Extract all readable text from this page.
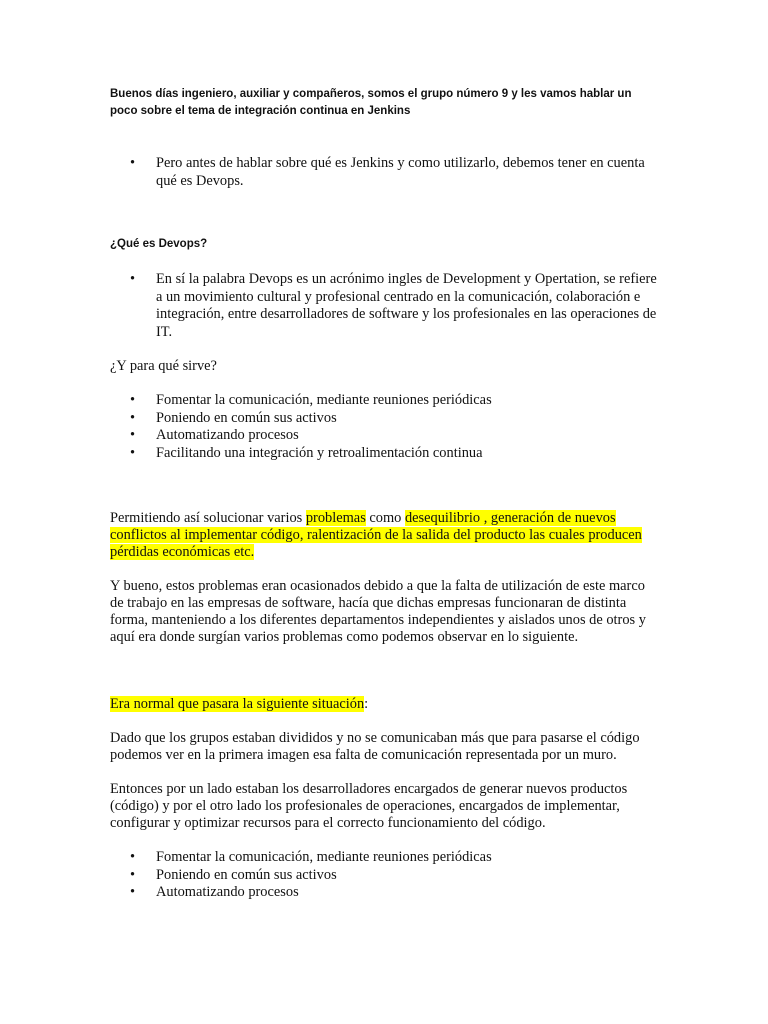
Buenos días ingeniero, auxiliar y compañeros, somos el grupo número 9 y les vamos hablar un poco sobre el tema de integración continua en Jenkins

• Pero antes de hablar sobre qué es Jenkins y como utilizarlo, debemos tener en cuenta qué es Devops.

¿Qué es Devops?

• En sí la palabra Devops es un acrónimo ingles de Development y Opertation, se refiere a un movimiento cultural y profesional centrado en la comunicación, colaboración e integración, entre desarrolladores de software y los profesionales en las operaciones de IT.

¿Y para qué sirve?

• Fomentar la comunicación, mediante reuniones periódicas
• Poniendo en común sus activos
• Automatizando procesos
• Facilitando una integración y retroalimentación continua

Permitiendo así solucionar varios problemas como desequilibrio , generación de nuevos conflictos al implementar código, ralentización de la salida del producto las cuales producen pérdidas económicas etc.

Y bueno, estos problemas eran ocasionados debido a que la falta de utilización de este marco de trabajo en las empresas de software, hacía que dichas empresas funcionaran de distinta forma, manteniendo a los diferentes departamentos independientes y aislados unos de otros y aquí era donde surgían varios problemas como podemos observar en lo siguiente.

Era normal que pasara la siguiente situación:

Dado que los grupos estaban divididos y no se comunicaban más que para pasarse el código podemos ver en la primera imagen esa falta de comunicación representada por un muro.

Entonces por un lado estaban los desarrolladores encargados de generar nuevos productos (código) y por el otro lado los profesionales de operaciones, encargados de implementar, configurar y optimizar recursos para el correcto funcionamiento del código.

• Fomentar la comunicación, mediante reuniones periódicas
• Poniendo en común sus activos
• Automatizando procesos
